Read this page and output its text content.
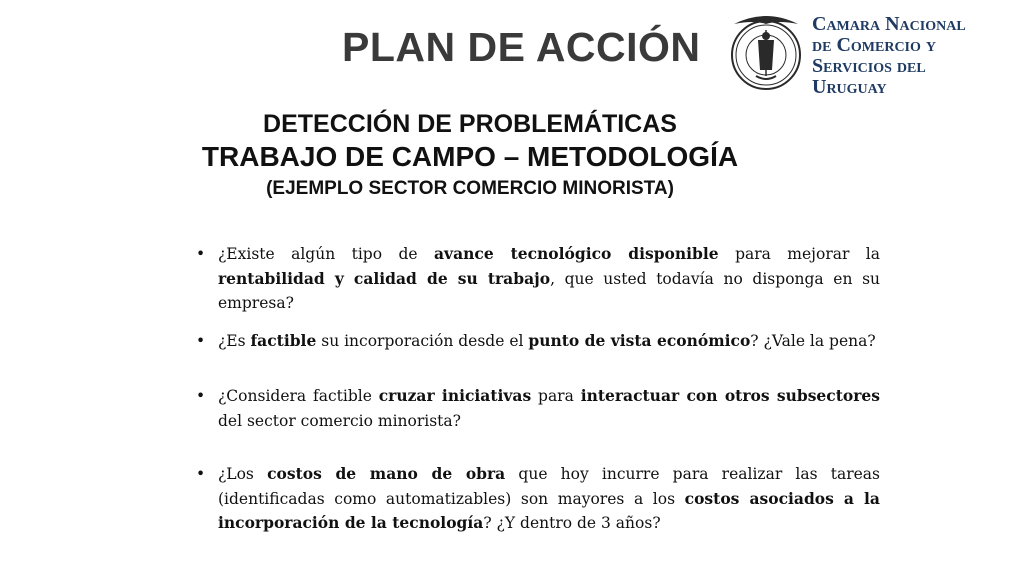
PLAN DE ACCIÓN	Camara Nacional
de Comercio y
Servicios del
Uruguay
DETECCIÓN DE PROBLEMÁTICAS
TRABAJO DE CAMPO – METODOLOGÍA
(EJEMPLO SECTOR COMERCIO MINORISTA)
• ¿Existe algún tipo de avance tecnológico disponible para mejorar la rentabilidad y calidad de su trabajo, que usted todavía no disponga en su empresa?
• ¿Es factible su incorporación desde el punto de vista económico? ¿Vale la pena?
• ¿Considera factible cruzar iniciativas para interactuar con otros subsectores del sector comercio minorista?
• ¿Los costos de mano de obra que hoy incurre para realizar las tareas (identificadas como automatizables) son mayores a los costos asociados a la incorporación de la tecnología? ¿Y dentro de 3 años?
